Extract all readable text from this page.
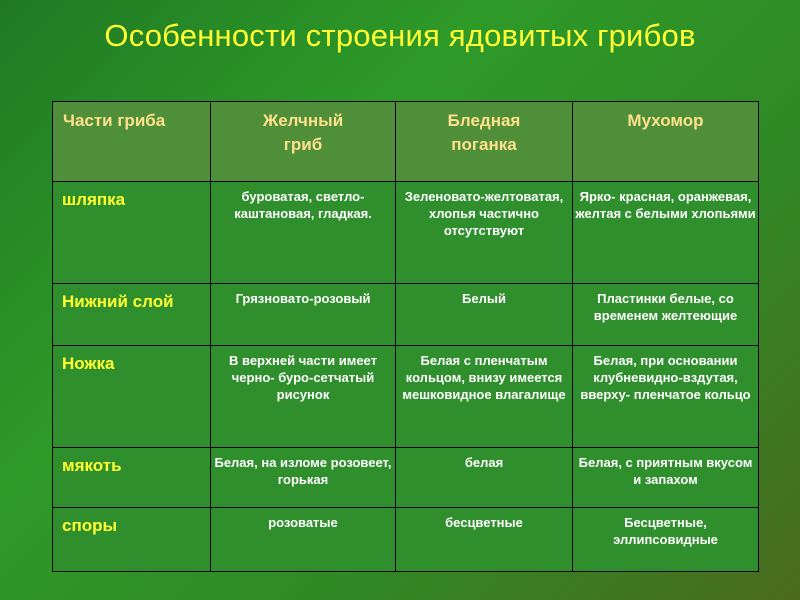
Особенности строения ядовитых грибов
Части гриба	Желчный гриб	Бледная поганка	Мухомор
шляпка	буроватая, светло-каштановая, гладкая.	Зеленовато-желтоватая, хлопья частично отсутствуют	Ярко- красная, оранжевая, желтая с белыми хлопьями
Нижний слой	Грязновато-розовый	Белый	Пластинки белые, со временем желтеющие
Ножка	В верхней части имеет черно- буро-сетчатый рисунок	Белая с пленчатым кольцом, внизу имеется мешковидное влагалище	Белая, при основании клубневидно-вздутая, вверху- пленчатое кольцо
мякоть	Белая, на изломе розовеет, горькая	белая	Белая, с приятным вкусом и запахом
споры	розоватые	бесцветные	Бесцветные, эллипсовидные
